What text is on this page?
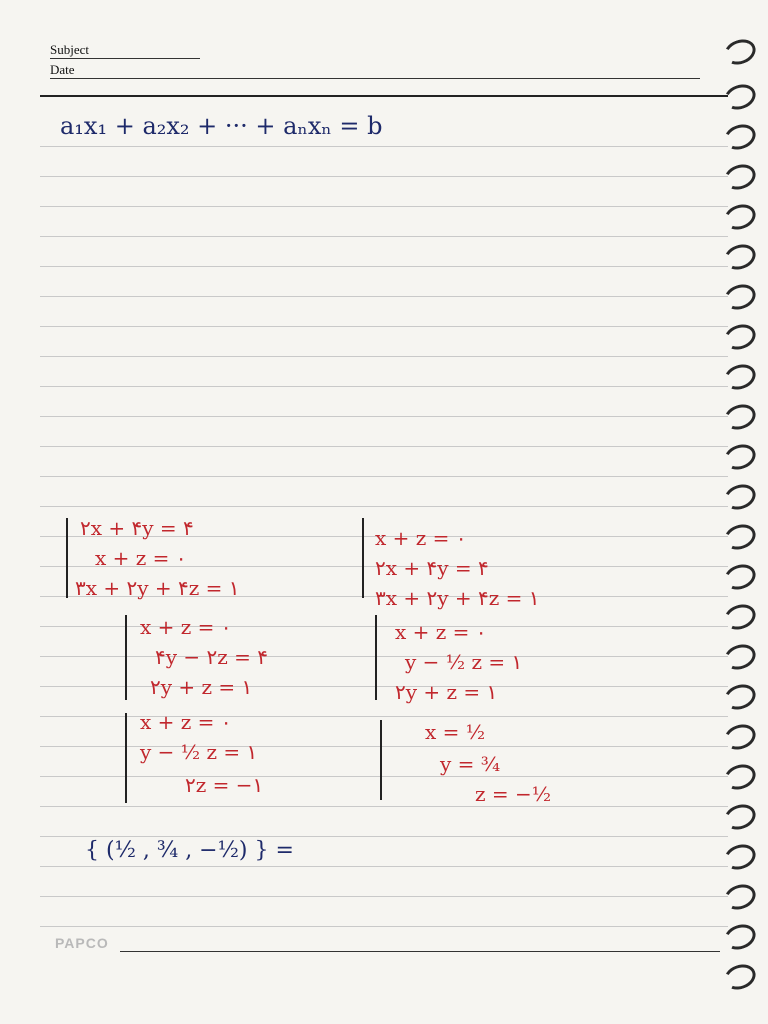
Subject
Date
a₁x₁ + a₂x₂ + ··· + aₙxₙ = b
۲x + ۴y = ۴
x + z = ۰
۳x + ۲y + ۴z = ۱
x + z = ۰
۲x + ۴y = ۴
۳x + ۲y + ۴z = ۱
x + z = ۰
۴y − ۲z = ۴
۲y + z = ۱
x + z = ۰
y − ½ z = ۱
۲y + z = ۱
x + z = ۰
y − ½ z = ۱
۲z = −۱
x = ½
y = ¾
z = −½
{ (½ , ¾ , −½) } =
PAPCO
